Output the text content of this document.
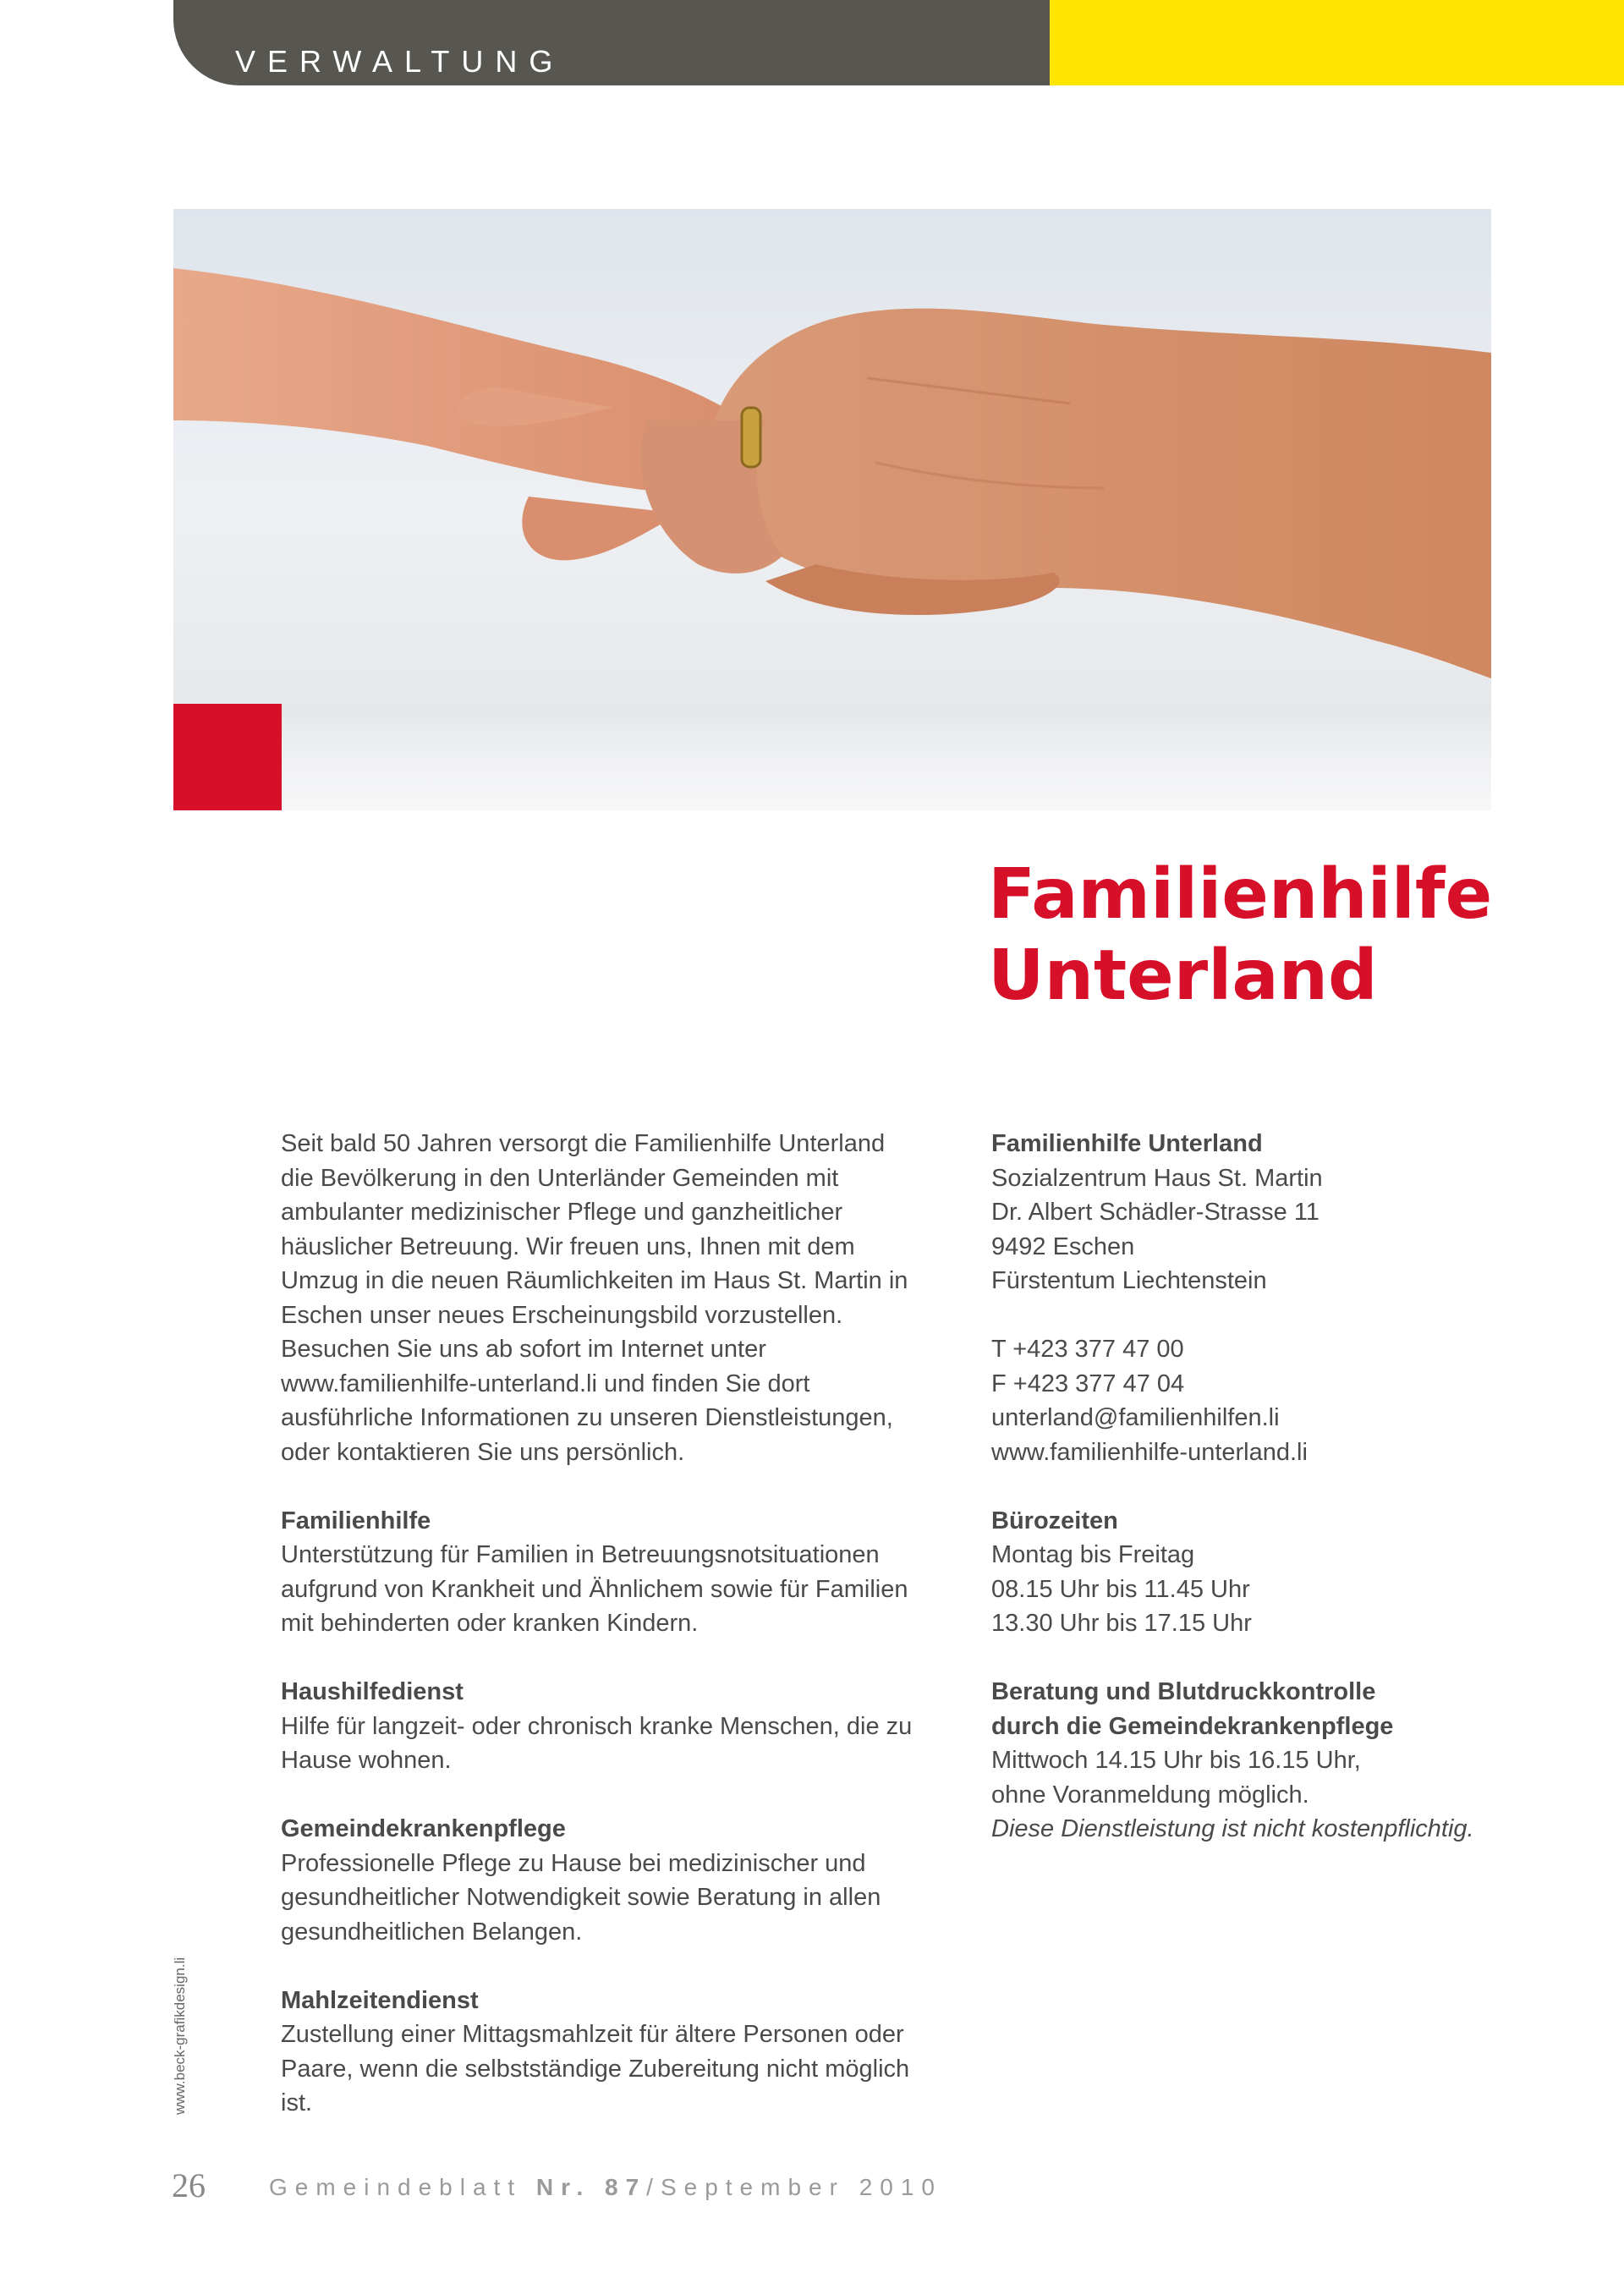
VERWALTUNG
Familienhilfe
Unterland

Seit bald 50 Jahren versorgt die Familienhilfe Unterland die Bevölkerung in den Unterländer Gemeinden mit ambulanter medizinischer Pflege und ganzheitlicher häuslicher Betreuung. Wir freuen uns, Ihnen mit dem Umzug in die neuen Räumlichkeiten im Haus St. Martin in Eschen unser neues Erscheinungsbild vorzustellen. Besuchen Sie uns ab sofort im Internet unter www.familienhilfe-unterland.li und finden Sie dort ausführliche Informationen zu unseren Dienstleistungen, oder kontaktieren Sie uns persönlich.

Familienhilfe

Unterstützung für Familien in Betreuungsnotsituationen aufgrund von Krankheit und Ähnlichem sowie für Familien mit behinderten oder kranken Kindern.

Haushilfedienst

Hilfe für langzeit- oder chronisch kranke Menschen, die zu Hause wohnen.

Gemeindekrankenpflege

Professionelle Pflege zu Hause bei medizinischer und gesundheitlicher Notwendigkeit sowie Beratung in allen gesundheitlichen Belangen.

Mahlzeitendienst

Zustellung einer Mittagsmahlzeit für ältere Personen oder Paare, wenn die selbstständige Zubereitung nicht möglich ist.

Familienhilfe Unterland

Sozialzentrum Haus St. Martin

Dr. Albert Schädler-Strasse 11

9492 Eschen

Fürstentum Liechtenstein

T +423 377 47 00

F +423 377 47 04

unterland@familienhilfen.li

www.familienhilfe-unterland.li

Bürozeiten

Montag bis Freitag

08.15 Uhr bis 11.45 Uhr

13.30 Uhr bis 17.15 Uhr

Beratung und Blutdruckkontrolle

durch die Gemeindekrankenpflege

Mittwoch 14.15 Uhr bis 16.15 Uhr,

ohne Voranmeldung möglich.

Diese Dienstleistung ist nicht kostenpflichtig.

www.beck-grafikdesign.li
26	Gemeindeblatt Nr. 87/September 2010
